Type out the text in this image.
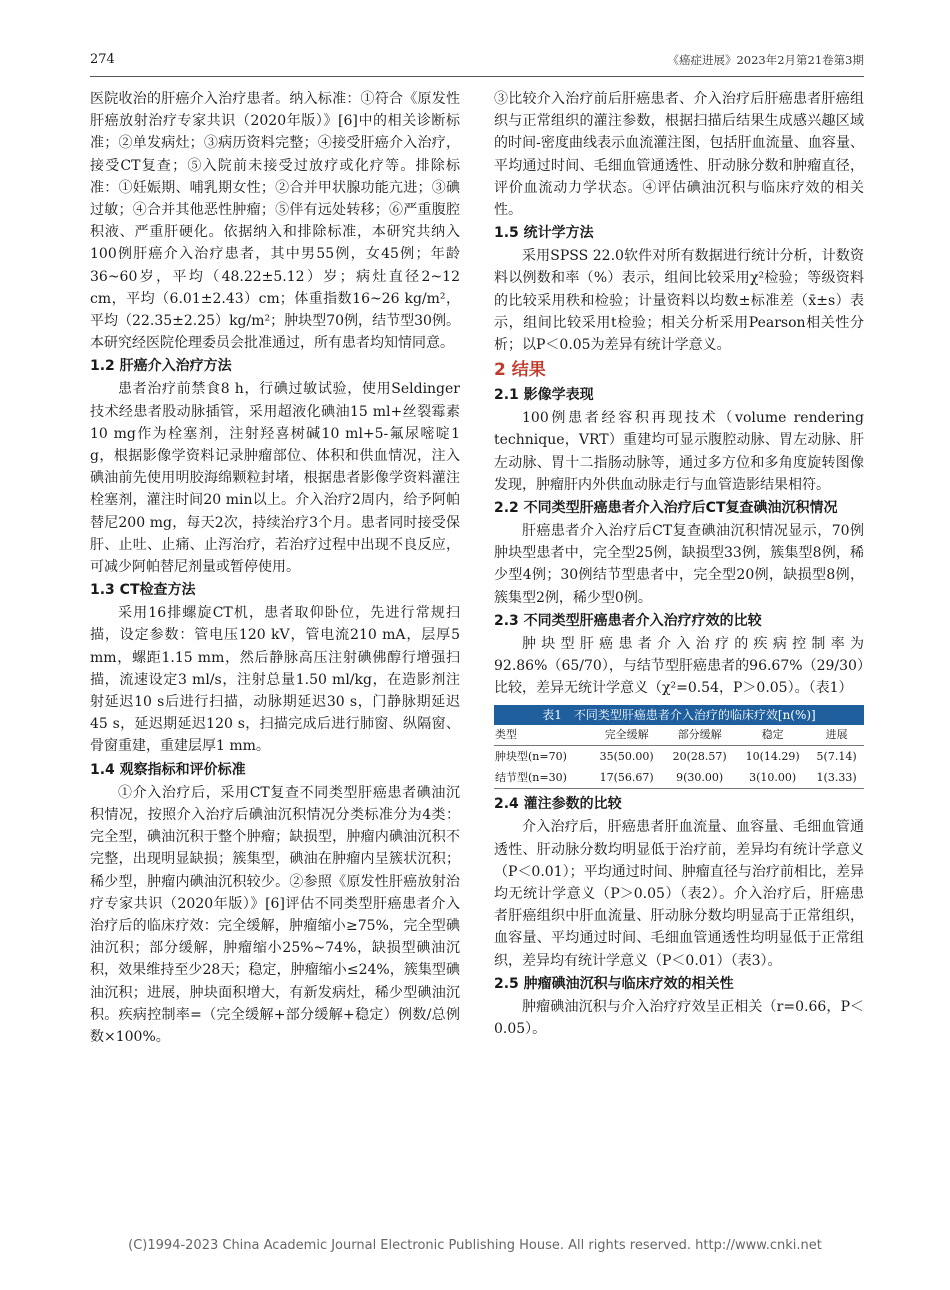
274	《癌症进展》2023年2月第21卷第3期

医院收治的肝癌介入治疗患者。纳入标准：①符合《原发性肝癌放射治疗专家共识（2020年版）》[6]中的相关诊断标准；②单发病灶；③病历资料完整；④接受肝癌介入治疗，接受CT复查；⑤入院前未接受过放疗或化疗等。排除标准：①妊娠期、哺乳期女性；②合并甲状腺功能亢进；③碘过敏；④合并其他恶性肿瘤；⑤伴有远处转移；⑥严重腹腔积液、严重肝硬化。依据纳入和排除标准，本研究共纳入100例肝癌介入治疗患者，其中男55例，女45例；年龄36~60岁，平均（48.22±5.12）岁；病灶直径2~12 cm，平均（6.01±2.43）cm；体重指数16~26 kg/m²，平均（22.35±2.25）kg/m²；肿块型70例，结节型30例。本研究经医院伦理委员会批准通过，所有患者均知情同意。

1.2 肝癌介入治疗方法

患者治疗前禁食8 h，行碘过敏试验，使用Seldinger技术经患者股动脉插管，采用超液化碘油15 ml+丝裂霉素10 mg作为栓塞剂，注射羟喜树碱10 ml+5-氟尿嘧啶1 g，根据影像学资料记录肿瘤部位、体积和供血情况，注入碘油前先使用明胶海绵颗粒封堵，根据患者影像学资料灌注栓塞剂，灌注时间20 min以上。介入治疗2周内，给予阿帕替尼200 mg，每天2次，持续治疗3个月。患者同时接受保肝、止吐、止痛、止泻治疗，若治疗过程中出现不良反应，可减少阿帕替尼剂量或暂停使用。

1.3 CT检查方法

采用16排螺旋CT机，患者取仰卧位，先进行常规扫描，设定参数：管电压120 kV，管电流210 mA，层厚5 mm，螺距1.15 mm，然后静脉高压注射碘佛醇行增强扫描，流速设定3 ml/s，注射总量1.50 ml/kg，在造影剂注射延迟10 s后进行扫描，动脉期延迟30 s，门静脉期延迟45 s，延迟期延迟120 s，扫描完成后进行肺窗、纵隔窗、骨窗重建，重建层厚1 mm。

1.4 观察指标和评价标准

①介入治疗后，采用CT复查不同类型肝癌患者碘油沉积情况，按照介入治疗后碘油沉积情况分类标准分为4类：完全型，碘油沉积于整个肿瘤；缺损型，肿瘤内碘油沉积不完整，出现明显缺损；簇集型，碘油在肿瘤内呈簇状沉积；稀少型，肿瘤内碘油沉积较少。②参照《原发性肝癌放射治疗专家共识（2020年版）》[6]评估不同类型肝癌患者介入治疗后的临床疗效：完全缓解，肿瘤缩小≥75%，完全型碘油沉积；部分缓解，肿瘤缩小25%~74%，缺损型碘油沉积，效果维持至少28天；稳定，肿瘤缩小≤24%，簇集型碘油沉积；进展，肿块面积增大，有新发病灶，稀少型碘油沉积。疾病控制率=（完全缓解+部分缓解+稳定）例数/总例数×100%。

③比较介入治疗前后肝癌患者、介入治疗后肝癌患者肝癌组织与正常组织的灌注参数，根据扫描后结果生成感兴趣区域的时间-密度曲线表示血流灌注图，包括肝血流量、血容量、平均通过时间、毛细血管通透性、肝动脉分数和肿瘤直径，评价血流动力学状态。④评估碘油沉积与临床疗效的相关性。

1.5 统计学方法

采用SPSS 22.0软件对所有数据进行统计分析，计数资料以例数和率（%）表示，组间比较采用χ²检验；等级资料的比较采用秩和检验；计量资料以均数±标准差（x̄±s）表示，组间比较采用t检验；相关分析采用Pearson相关性分析；以P＜0.05为差异有统计学意义。

2 结果
2.1 影像学表现

100例患者经容积再现技术（volume rendering technique，VRT）重建均可显示腹腔动脉、胃左动脉、肝左动脉、胃十二指肠动脉等，通过多方位和多角度旋转图像发现，肿瘤肝内外供血动脉走行与血管造影结果相符。

2.2 不同类型肝癌患者介入治疗后CT复查碘油沉积情况

肝癌患者介入治疗后CT复查碘油沉积情况显示，70例肿块型患者中，完全型25例，缺损型33例，簇集型8例，稀少型4例；30例结节型患者中，完全型20例，缺损型8例，簇集型2例，稀少型0例。

2.3 不同类型肝癌患者介入治疗疗效的比较

肿块型肝癌患者介入治疗的疾病控制率为92.86%（65/70），与结节型肝癌患者的96.67%（29/30）比较，差异无统计学意义（χ²=0.54，P＞0.05）。（表1）

表1　不同类型肝癌患者介入治疗的临床疗效[n(%)]
类型	完全缓解	部分缓解	稳定	进展
肿块型(n=70)	35(50.00)	20(28.57)	10(14.29)	5(7.14)
结节型(n=30)	17(56.67)	9(30.00)	3(10.00)	1(3.33)
2.4 灌注参数的比较

介入治疗后，肝癌患者肝血流量、血容量、毛细血管通透性、肝动脉分数均明显低于治疗前，差异均有统计学意义（P＜0.01）；平均通过时间、肿瘤直径与治疗前相比，差异均无统计学意义（P＞0.05）（表2）。介入治疗后，肝癌患者肝癌组织中肝血流量、肝动脉分数均明显高于正常组织，血容量、平均通过时间、毛细血管通透性均明显低于正常组织，差异均有统计学意义（P＜0.01）（表3）。

2.5 肿瘤碘油沉积与临床疗效的相关性

肿瘤碘油沉积与介入治疗疗效呈正相关（r=0.66，P＜0.05）。

(C)1994-2023 China Academic Journal Electronic Publishing House. All rights reserved. http://www.cnki.net
